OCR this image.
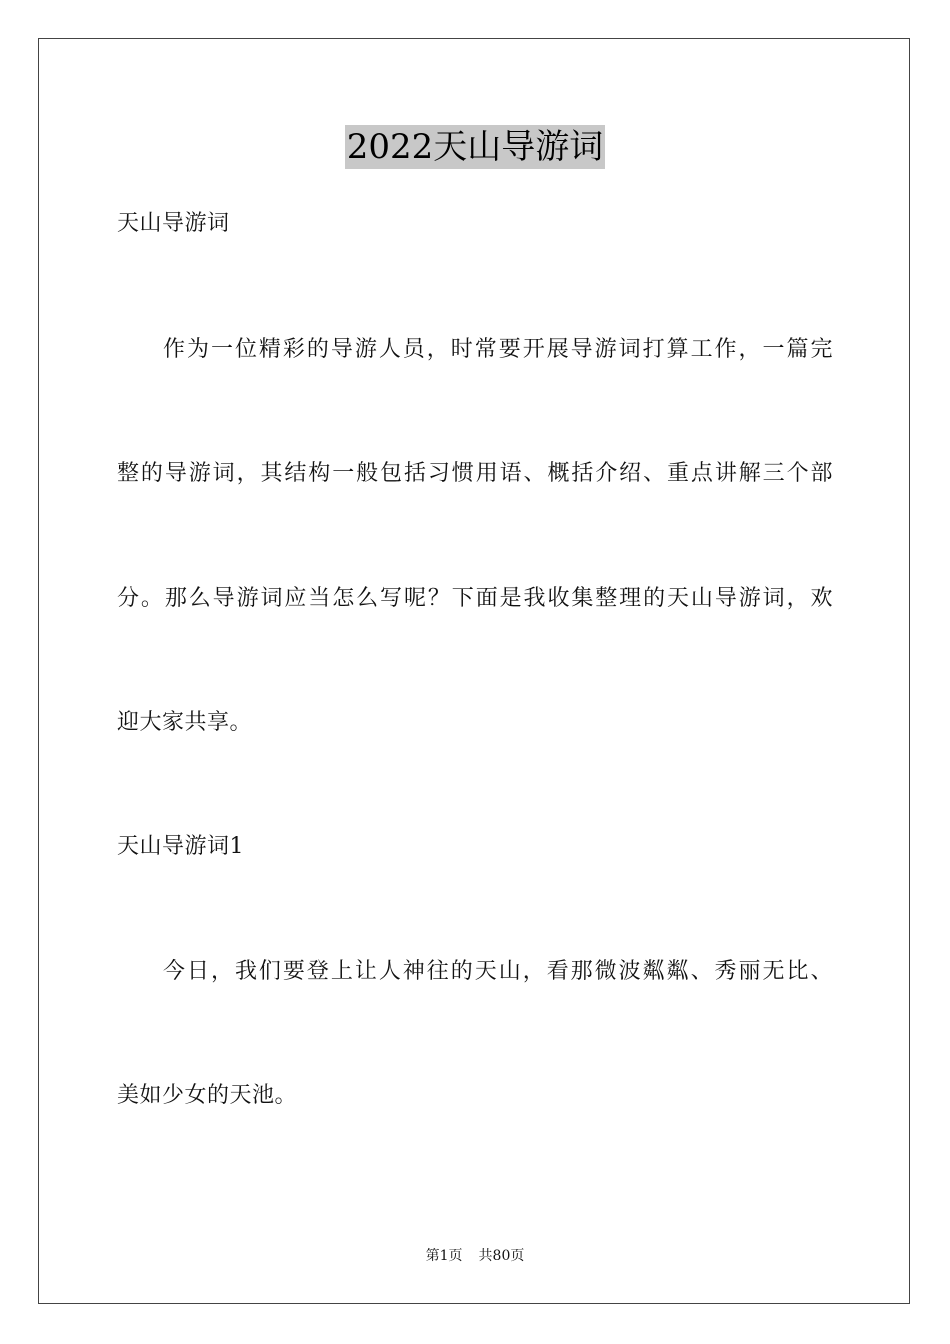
2022天山导游词
天山导游词
作为一位精彩的导游人员，时常要开展导游词打算工作，一篇完
整的导游词，其结构一般包括习惯用语、概括介绍、重点讲解三个部
分。那么导游词应当怎么写呢？下面是我收集整理的天山导游词，欢
迎大家共享。
天山导游词1
今日，我们要登上让人神往的天山，看那微波粼粼、秀丽无比、
美如少女的天池。
第1页 共80页
